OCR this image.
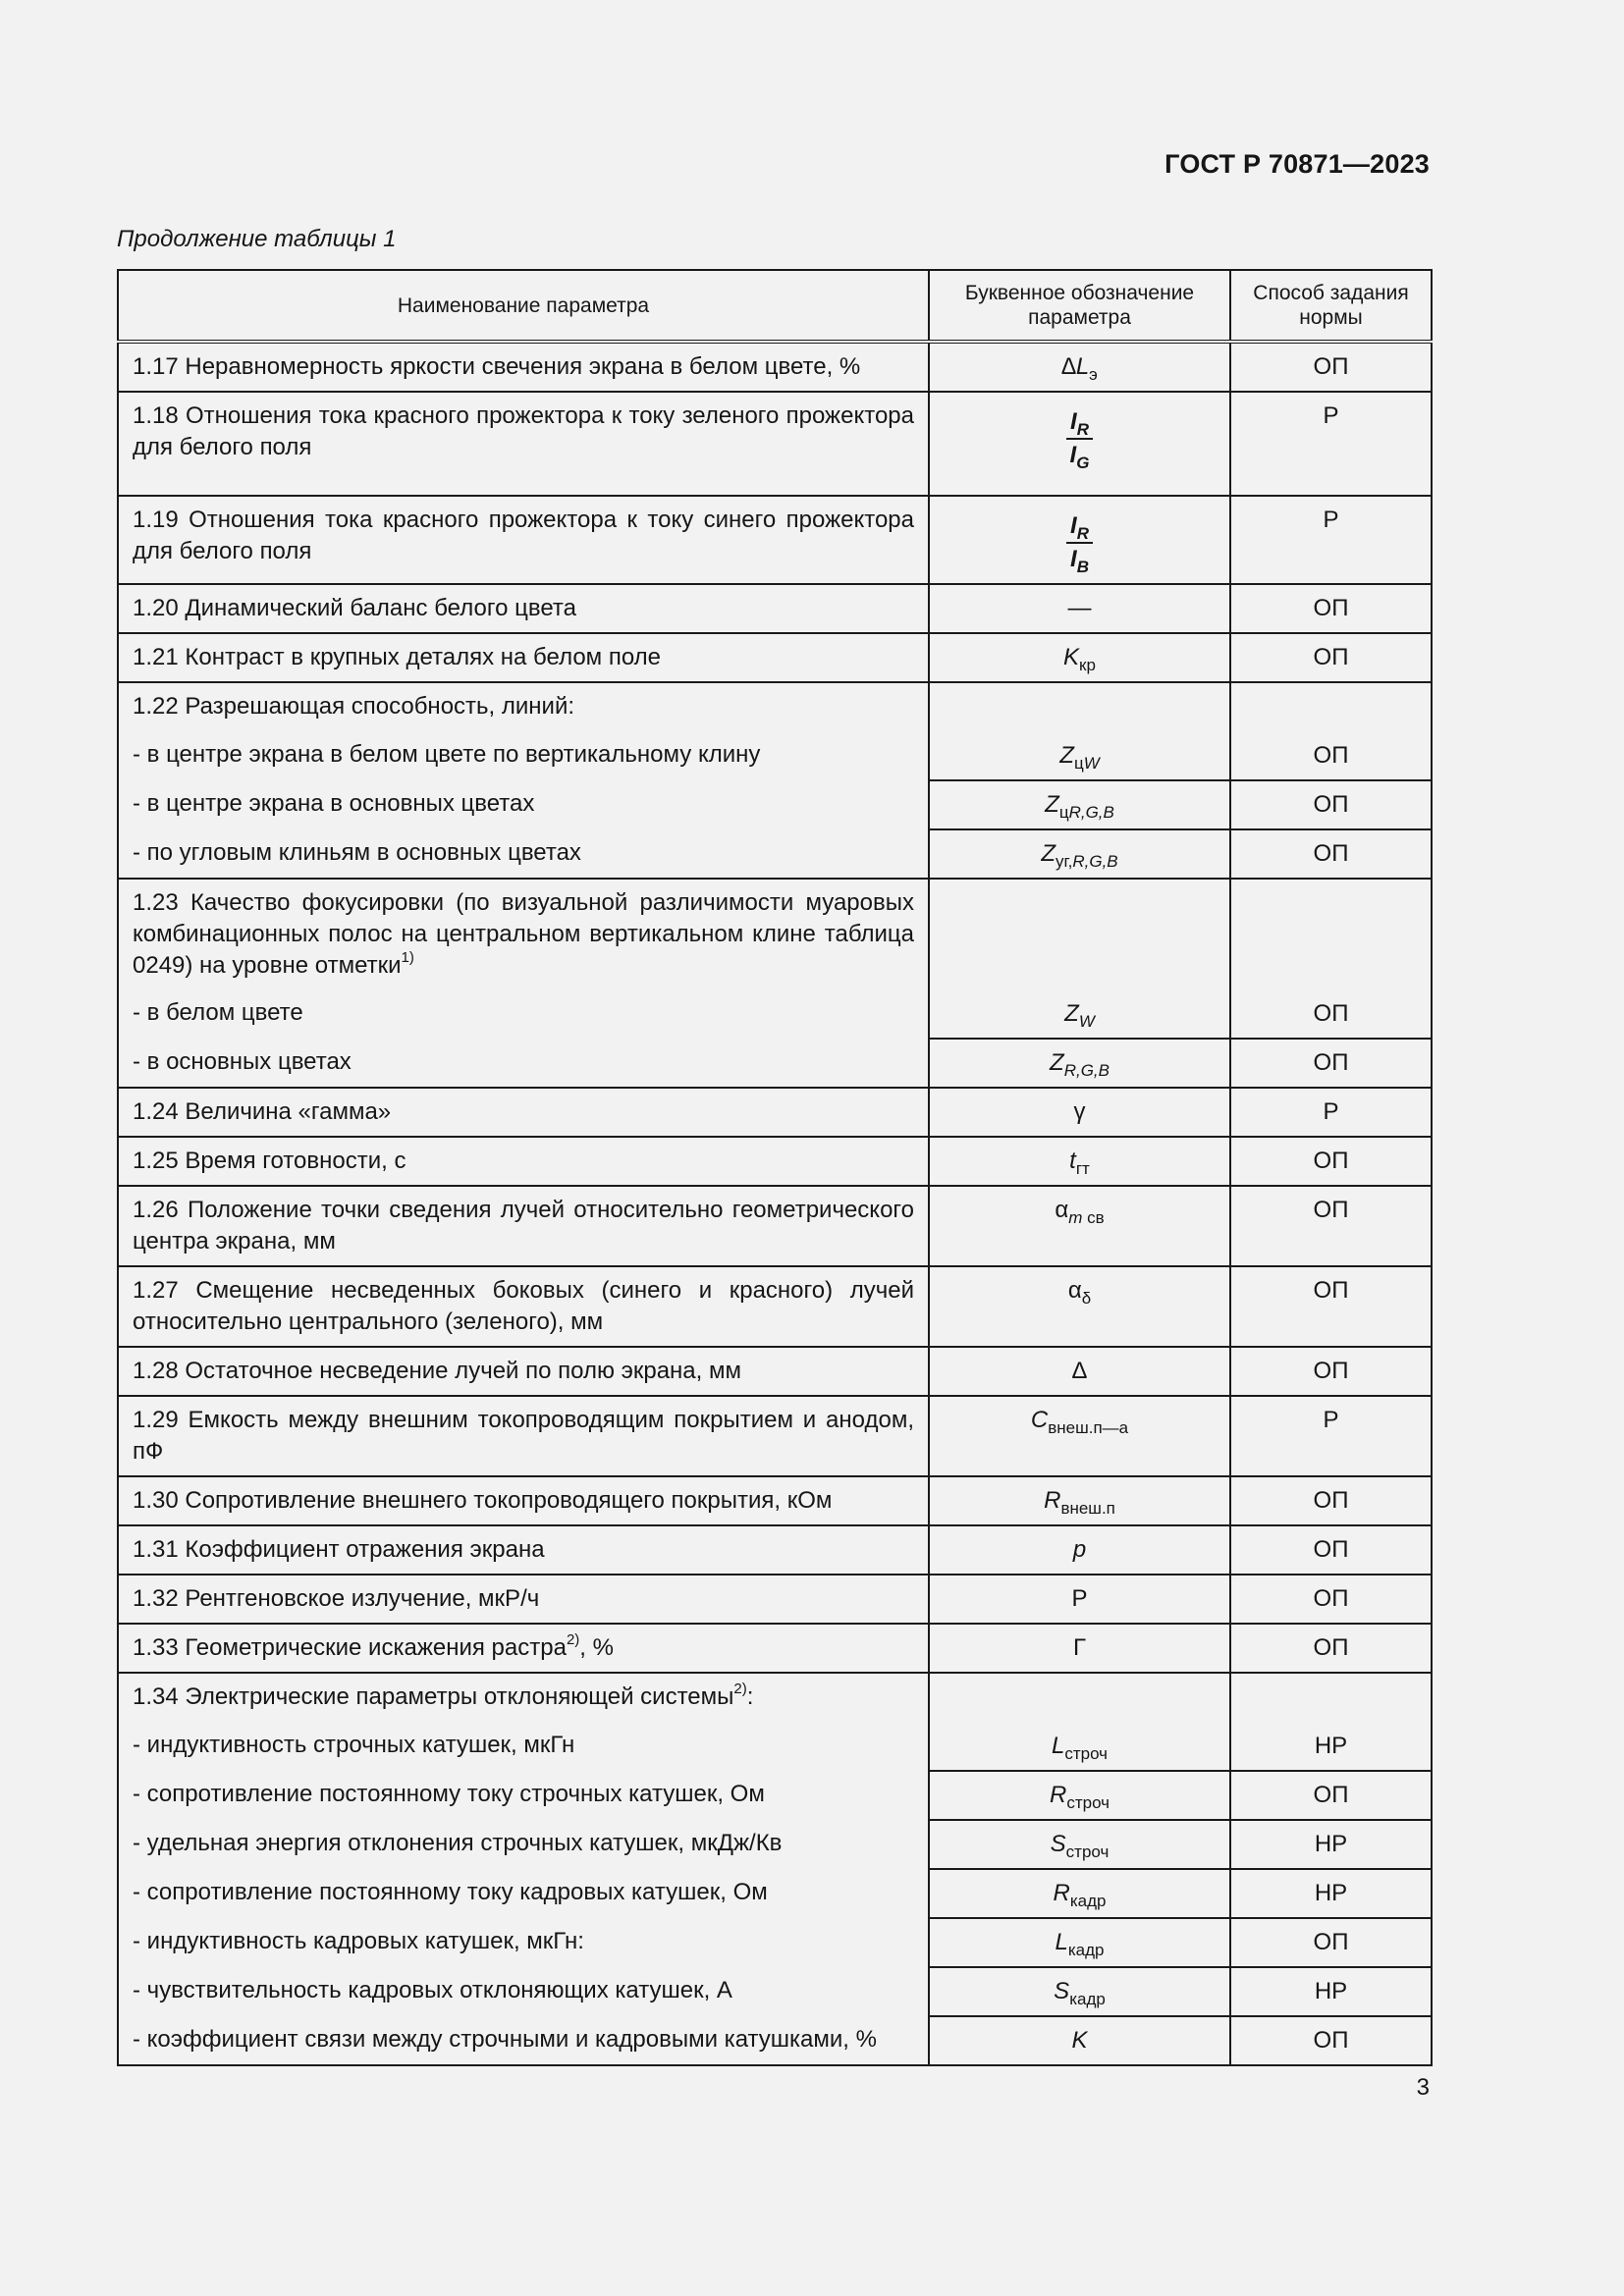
ГОСТ Р 70871—2023
Продолжение таблицы 1
Наименование параметра	Буквенное обозначение параметра	Способ задания нормы
1.17 Неравномерность яркости свечения экрана в белом цвете, %	$\Delta L_э$	ОП
1.18 Отношения тока красного прожектора к току зеленого прожектора для белого поля	$\frac{I_R}{I_G}$	Р
1.19 Отношения тока красного прожектора к току синего прожектора для белого поля	$\frac{I_R}{I_B}$	Р
1.20 Динамический баланс белого цвета	—	ОП
1.21 Контраст в крупных деталях на белом поле	$K_{кр}$	ОП
1.22 Разрешающая способность, линий:		
- в центре экрана в белом цвете по вертикальному клину	$Z_{цW}$	ОП
- в центре экрана в основных цветах	$Z_{цR,G,B}$	ОП
- по угловым клиньям в основных цветах	$Z_{уг,R,G,B}$	ОП
1.23 Качество фокусировки (по визуальной различимости муаровых комбинационных полос на центральном вертикальном клине таблица 0249) на уровне отметки$^{1)}$		
- в белом цвете	$Z_W$	ОП
- в основных цветах	$Z_{R,G,B}$	ОП
1.24 Величина «гамма»	γ	Р
1.25 Время готовности, с	$t_{гт}$	ОП
1.26 Положение точки сведения лучей относительно геометрического центра экрана, мм	$\alpha_{m св}$	ОП
1.27 Смещение несведенных боковых (синего и красного) лучей относительно центрального (зеленого), мм	$\alpha_\delta$	ОП
1.28 Остаточное несведение лучей по полю экрана, мм	∆	ОП
1.29 Емкость между внешним токопроводящим покрытием и анодом, пФ	$C_{внеш.п—а}$	Р
1.30 Сопротивление внешнего токопроводящего покрытия, кОм	$R_{внеш.п}$	ОП
1.31 Коэффициент отражения экрана	p	ОП
1.32 Рентгеновское излучение, мкР/ч	Р	ОП
1.33 Геометрические искажения растра$^{2)}$, %	Г	ОП
1.34 Электрические параметры отклоняющей системы$^{2)}$:		
- индуктивность строчных катушек, мкГн	$L_{строч}$	НР
- сопротивление постоянному току строчных катушек, Ом	$R_{строч}$	ОП
- удельная энергия отклонения строчных катушек, мкДж/Кв	$S_{строч}$	НР
- сопротивление постоянному току кадровых катушек, Ом	$R_{кадр}$	НР
- индуктивность кадровых катушек, мкГн:	$L_{кадр}$	ОП
- чувствительность кадровых отклоняющих катушек, А	$S_{кадр}$	НР
- коэффициент связи между строчными и кадровыми катушками, %	K	ОП
3
